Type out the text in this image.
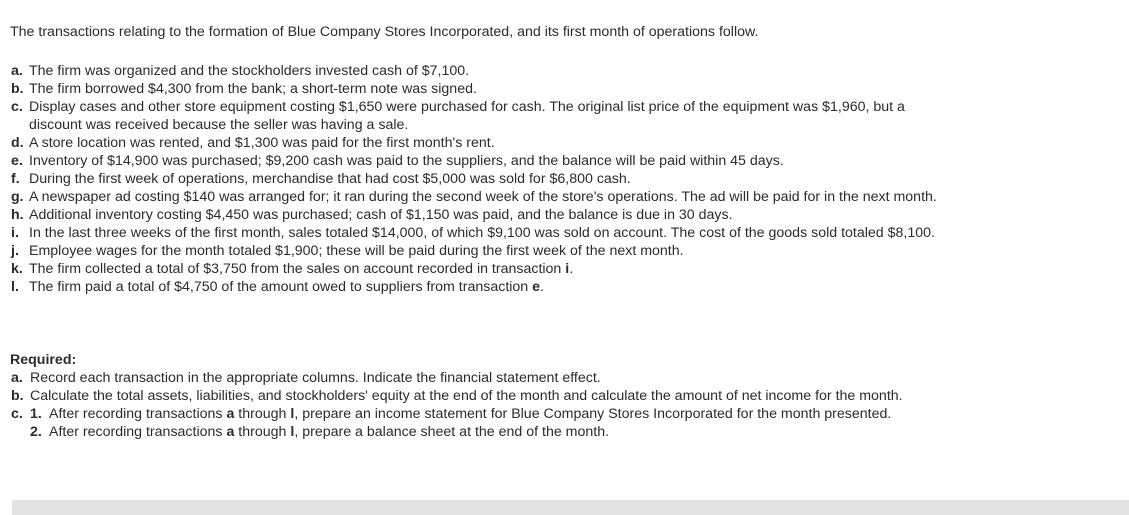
The transactions relating to the formation of Blue Company Stores Incorporated, and its first month of operations follow.
a. The firm was organized and the stockholders invested cash of $7,100.
b. The firm borrowed $4,300 from the bank; a short-term note was signed.
c. Display cases and other store equipment costing $1,650 were purchased for cash. The original list price of the equipment was $1,960, but a discount was received because the seller was having a sale.
d. A store location was rented, and $1,300 was paid for the first month's rent.
e. Inventory of $14,900 was purchased; $9,200 cash was paid to the suppliers, and the balance will be paid within 45 days.
f. During the first week of operations, merchandise that had cost $5,000 was sold for $6,800 cash.
g. A newspaper ad costing $140 was arranged for; it ran during the second week of the store's operations. The ad will be paid for in the next month.
h. Additional inventory costing $4,450 was purchased; cash of $1,150 was paid, and the balance is due in 30 days.
i. In the last three weeks of the first month, sales totaled $14,000, of which $9,100 was sold on account. The cost of the goods sold totaled $8,100.
j. Employee wages for the month totaled $1,900; these will be paid during the first week of the next month.
k. The firm collected a total of $3,750 from the sales on account recorded in transaction i.
l. The firm paid a total of $4,750 of the amount owed to suppliers from transaction e.
Required:
a. Record each transaction in the appropriate columns. Indicate the financial statement effect.
b. Calculate the total assets, liabilities, and stockholders' equity at the end of the month and calculate the amount of net income for the month.
c. 1. After recording transactions a through l, prepare an income statement for Blue Company Stores Incorporated for the month presented.
2. After recording transactions a through l, prepare a balance sheet at the end of the month.
